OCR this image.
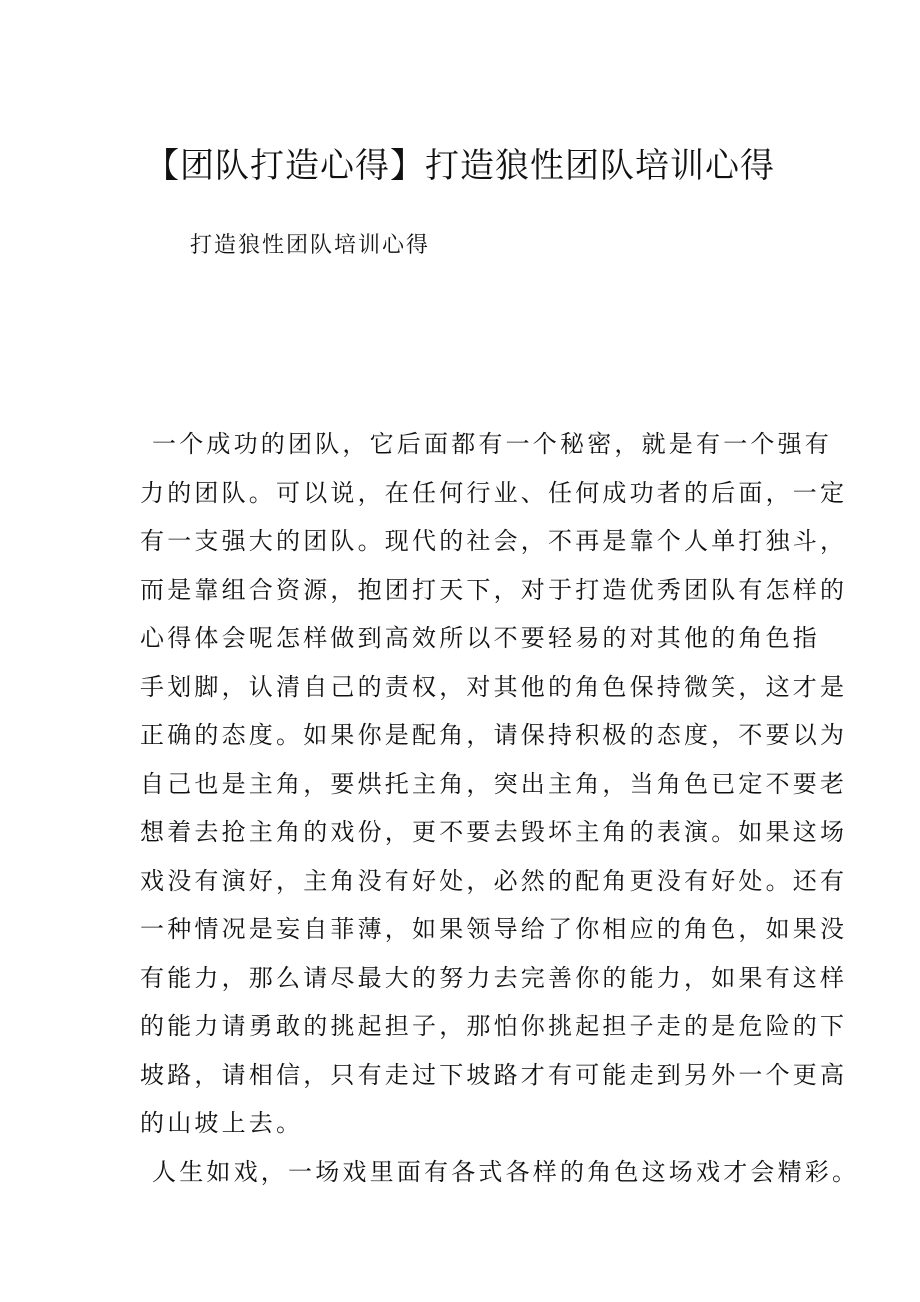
【团队打造心得】打造狼性团队培训心得

打造狼性团队培训心得

一个成功的团队，它后面都有一个秘密，就是有一个强有

力的团队。可以说，在任何行业、任何成功者的后面，一定

有一支强大的团队。现代的社会，不再是靠个人单打独斗，

而是靠组合资源，抱团打天下，对于打造优秀团队有怎样的

心得体会呢怎样做到高效所以不要轻易的对其他的角色指

手划脚，认清自己的责权，对其他的角色保持微笑，这才是

正确的态度。如果你是配角，请保持积极的态度，不要以为

自己也是主角，要烘托主角，突出主角，当角色已定不要老

想着去抢主角的戏份，更不要去毁坏主角的表演。如果这场

戏没有演好，主角没有好处，必然的配角更没有好处。还有

一种情况是妄自菲薄，如果领导给了你相应的角色，如果没

有能力，那么请尽最大的努力去完善你的能力，如果有这样

的能力请勇敢的挑起担子，那怕你挑起担子走的是危险的下

坡路，请相信，只有走过下坡路才有可能走到另外一个更高

的山坡上去。

人生如戏，一场戏里面有各式各样的角色这场戏才会精彩。
